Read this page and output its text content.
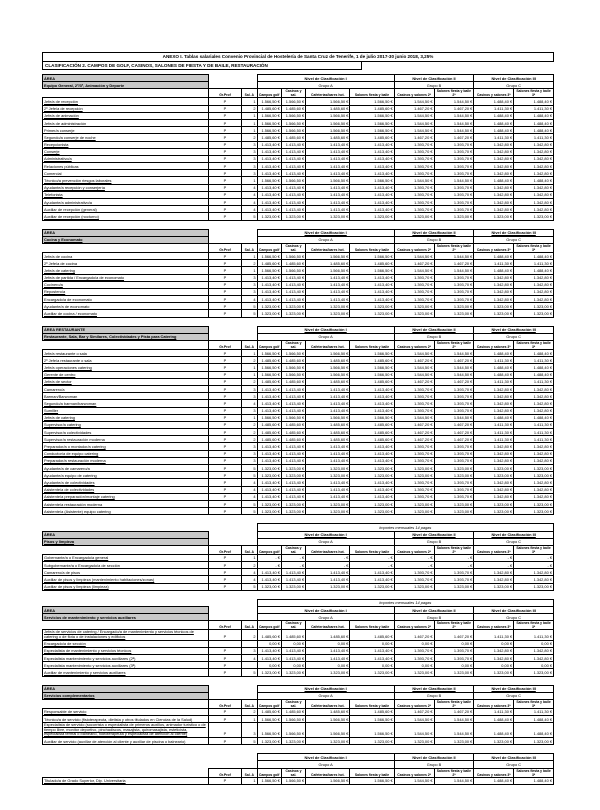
ANEXO I. Tablas salariales Convenio Provincial de Hostelería de Santa Cruz de Tenerife, 1 de julio 2017-30 junio 2018, 3,25%
CLASIFICACIÓN 2. CAMPOS DE GOLF, CASINOS, SALONES DE FIESTA Y DE BAILE, RESTAURACIÓN
ÁREA			Nivel de Clasificación I				Nivel de Clasificación II		Nivel de Clasificación III	
Equipo General, 2ª/3ª, Animación y Deporte			Grupo A				Grupo B		Grupo C	
	Gr.Prof	Sal. A	Campos golf	Casinos y sal.	Cafeterías/bares hot.	Salones fiesta y baile	Casinos y salones 2ª	Salones fiesta y baile 2ª	Casinos y salones 3ª	Salones fiesta y baile 3ª
Jefe/a de recepción	P	1	1.566,50 €	1.566,50 €	1.566,50 €	1.566,50 €	1.544,50 €	1.544,50 €	1.488,40 €	1.488,40 €
2º Jefe/a de recepción	P	2	1.485,60 €	1.485,60 €	1.485,60 €	1.485,60 €	1.467,20 €	1.467,20 €	1.411,30 €	1.411,30 €
Jefe/a de animación	P	1	1.566,50 €	1.566,50 €	1.566,50 €	1.566,50 €	1.544,50 €	1.544,50 €	1.488,40 €	1.488,40 €
Jefe/a de administración	P	1	1.566,50 €	1.566,50 €	1.566,50 €	1.566,50 €	1.544,50 €	1.544,50 €	1.488,40 €	1.488,40 €
Primer/a conserje	P	1	1.566,50 €	1.566,50 €	1.566,50 €	1.566,50 €	1.544,50 €	1.544,50 €	1.488,40 €	1.488,40 €
Segundo/a conserje de noche	P	2	1.485,60 €	1.485,60 €	1.485,60 €	1.485,60 €	1.467,20 €	1.467,20 €	1.411,30 €	1.411,30 €
Recepcionista	P	3	1.413,40 €	1.413,40 €	1.413,40 €	1.413,40 €	1.393,70 €	1.393,70 €	1.342,80 €	1.342,80 €
Conserje	P	3	1.413,40 €	1.413,40 €	1.413,40 €	1.413,40 €	1.393,70 €	1.393,70 €	1.342,80 €	1.342,80 €
Administrativo/a	P	3	1.413,40 €	1.413,40 €	1.413,40 €	1.413,40 €	1.393,70 €	1.393,70 €	1.342,80 €	1.342,80 €
Relaciones públicas	P	3	1.413,40 €	1.413,40 €	1.413,40 €	1.413,40 €	1.393,70 €	1.393,70 €	1.342,80 €	1.342,80 €
Comercial	P	3	1.413,40 €	1.413,40 €	1.413,40 €	1.413,40 €	1.393,70 €	1.393,70 €	1.342,80 €	1.342,80 €
Técnico/a prevención riesgos laborales	P	1	1.566,50 €	1.566,50 €	1.566,50 €	1.566,50 €	1.544,50 €	1.544,50 €	1.488,40 €	1.488,40 €
Ayudante/a recepción y conserjería	P	4	1.413,40 €	1.413,40 €	1.413,40 €	1.413,40 €	1.393,70 €	1.393,70 €	1.342,80 €	1.342,80 €
Telefonista	P	4	1.413,40 €	1.413,40 €	1.413,40 €	1.413,40 €	1.393,70 €	1.393,70 €	1.342,80 €	1.342,80 €
Ayudante/a administrativo/a	P	4	1.413,40 €	1.413,40 €	1.413,40 €	1.413,40 €	1.393,70 €	1.393,70 €	1.342,80 €	1.342,80 €
Auxiliar de recepción (general)	P	4	1.413,40 €	1.413,40 €	1.413,40 €	1.413,40 €	1.393,70 €	1.393,70 €	1.342,80 €	1.342,80 €
Auxiliar de recepción (nocturno)	P	5	1.323,00 €	1.323,00 €	1.323,00 €	1.323,00 €	1.323,00 €	1.323,00 €	1.323,00 €	1.323,00 €
ÁREA			Nivel de Clasificación I				Nivel de Clasificación II		Nivel de Clasificación III	
Cocina y Economato			Grupo A				Grupo B		Grupo C	
	Gr.Prof	Sal. A	Campos golf	Casinos y sal.	Cafeterías/bares hot.	Salones fiesta y baile	Casinos y salones 2ª	Salones fiesta y baile 2ª	Casinos y salones 3ª	Salones fiesta y baile 3ª
Jefe/a de cocina	P	1	1.566,50 €	1.566,50 €	1.566,50 €	1.566,50 €	1.544,50 €	1.544,50 €	1.488,40 €	1.488,40 €
2º Jefe/a de cocina	P	2	1.485,60 €	1.485,60 €	1.485,60 €	1.485,60 €	1.467,20 €	1.467,20 €	1.411,30 €	1.411,30 €
Jefe/a de catering	P	1	1.566,50 €	1.566,50 €	1.566,50 €	1.566,50 €	1.544,50 €	1.544,50 €	1.488,40 €	1.488,40 €
Jefe/a de partida / Encargado/a de economato	P	3	1.413,40 €	1.413,40 €	1.413,40 €	1.413,40 €	1.393,70 €	1.393,70 €	1.342,80 €	1.342,80 €
Cocinero/a	P	3	1.413,40 €	1.413,40 €	1.413,40 €	1.413,40 €	1.393,70 €	1.393,70 €	1.342,80 €	1.342,80 €
Repostero/a	P	3	1.413,40 €	1.413,40 €	1.413,40 €	1.413,40 €	1.393,70 €	1.393,70 €	1.342,80 €	1.342,80 €
Encargado/a de economato	P	4	1.413,40 €	1.413,40 €	1.413,40 €	1.413,40 €	1.393,70 €	1.393,70 €	1.342,80 €	1.342,80 €
Ayudante/a de economato	P	5	1.323,00 €	1.323,00 €	1.323,00 €	1.323,00 €	1.323,00 €	1.323,00 €	1.323,00 €	1.323,00 €
Auxiliar de cocina / economato	P	5	1.323,00 €	1.323,00 €	1.323,00 €	1.323,00 €	1.323,00 €	1.323,00 €	1.323,00 €	1.323,00 €
ÁREA RESTAURANTE			Nivel de Clasificación I				Nivel de Clasificación II		Nivel de Clasificación III	
Restaurante, Sala, Bar y Similares, Colectividades y Pista para Catering			Grupo A				Grupo B		Grupo C	
	Gr.Prof	Sal. A	Campos golf	Casinos y sal.	Cafeterías/bares hot.	Salones fiesta y baile	Casinos y salones 2ª	Salones fiesta y baile 2ª	Casinos y salones 3ª	Salones fiesta y baile 3ª
Jefe/a restaurante o sala	P	1	1.566,50 €	1.566,50 €	1.566,50 €	1.566,50 €	1.544,50 €	1.544,50 €	1.488,40 €	1.488,40 €
2º Jefe/a restaurante o sala	P	2	1.485,60 €	1.485,60 €	1.485,60 €	1.485,60 €	1.467,20 €	1.467,20 €	1.411,30 €	1.411,30 €
Jefe/a operaciones catering	P	1	1.566,50 €	1.566,50 €	1.566,50 €	1.566,50 €	1.544,50 €	1.544,50 €	1.488,40 €	1.488,40 €
Gerente de centro	P	1	1.566,50 €	1.566,50 €	1.566,50 €	1.566,50 €	1.544,50 €	1.544,50 €	1.488,40 €	1.488,40 €
Jefe/a de sector	P	2	1.485,60 €	1.485,60 €	1.485,60 €	1.485,60 €	1.467,20 €	1.467,20 €	1.411,30 €	1.411,30 €
Camarero/a	P	3	1.413,40 €	1.413,40 €	1.413,40 €	1.413,40 €	1.393,70 €	1.393,70 €	1.342,80 €	1.342,80 €
Barman/Barwoman	P	3	1.413,40 €	1.413,40 €	1.413,40 €	1.413,40 €	1.393,70 €	1.393,70 €	1.342,80 €	1.342,80 €
Segundo/a barman/barwoman	P	4	1.413,40 €	1.413,40 €	1.413,40 €	1.413,40 €	1.393,70 €	1.393,70 €	1.342,80 €	1.342,80 €
Sumiller	P	3	1.413,40 €	1.413,40 €	1.413,40 €	1.413,40 €	1.393,70 €	1.393,70 €	1.342,80 €	1.342,80 €
Jefe/a de catering	P	1	1.566,50 €	1.566,50 €	1.566,50 €	1.566,50 €	1.544,50 €	1.544,50 €	1.488,40 €	1.488,40 €
Supervisor/a catering	P	2	1.485,60 €	1.485,60 €	1.485,60 €	1.485,60 €	1.467,20 €	1.467,20 €	1.411,30 €	1.411,30 €
Supervisor/a colectividades	P	2	1.485,60 €	1.485,60 €	1.485,60 €	1.485,60 €	1.467,20 €	1.467,20 €	1.411,30 €	1.411,30 €
Supervisor/a restauración moderna	P	2	1.485,60 €	1.485,60 €	1.485,60 €	1.485,60 €	1.467,20 €	1.467,20 €	1.411,30 €	1.411,30 €
Preparador/a o montador/a catering	P	3	1.413,40 €	1.413,40 €	1.413,40 €	1.413,40 €	1.393,70 €	1.393,70 €	1.342,80 €	1.342,80 €
Conductor/a de equipo catering	P	3	1.413,40 €	1.413,40 €	1.413,40 €	1.413,40 €	1.393,70 €	1.393,70 €	1.342,80 €	1.342,80 €
Preparador/a restauración moderna	P	3	1.413,40 €	1.413,40 €	1.413,40 €	1.413,40 €	1.393,70 €	1.393,70 €	1.342,80 €	1.342,80 €
Ayudante/a de camarero/a	P	5	1.323,00 €	1.323,00 €	1.323,00 €	1.323,00 €	1.323,00 €	1.323,00 €	1.323,00 €	1.323,00 €
Ayudante/a equipo de catering	P	5	1.323,00 €	1.323,00 €	1.323,00 €	1.323,00 €	1.323,00 €	1.323,00 €	1.323,00 €	1.323,00 €
Ayudante/a de colectividades	P	4	1.413,40 €	1.413,40 €	1.413,40 €	1.413,40 €	1.393,70 €	1.393,70 €	1.342,80 €	1.342,80 €
Asistente/a de colectividades	P	4	1.413,40 €	1.413,40 €	1.413,40 €	1.413,40 €	1.393,70 €	1.393,70 €	1.342,80 €	1.342,80 €
Asistente/a preparación/montaje catering	P	4	1.413,40 €	1.413,40 €	1.413,40 €	1.413,40 €	1.393,70 €	1.393,70 €	1.342,80 €	1.342,80 €
Asistente/a restauración moderna	P	5	1.323,00 €	1.323,00 €	1.323,00 €	1.323,00 €	1.323,00 €	1.323,00 €	1.323,00 €	1.323,00 €
Asistente/a (Asistente) equipo catering	P	5	1.323,00 €	1.323,00 €	1.323,00 €	1.323,00 €	1.323,00 €	1.323,00 €	1.323,00 €	1.323,00 €
			Importes mensuales 14 pagas							
ÁREA			Nivel de Clasificación I				Nivel de Clasificación II		Nivel de Clasificación III	
Pisos y limpieza			Grupo A				Grupo B		Grupo C	
	Gr.Prof	Sal. A	Campos golf	Casinos y sal.	Cafeterías/bares hot.	Salones fiesta y baile	Casinos y salones 2ª	Salones fiesta y baile 2ª	Casinos y salones 3ª	Salones fiesta y baile 3ª
Gobernante/a o Encargado/a general	P	1	- €	- €	- €	- €	- €	- €	- €	- €
Subgobernante/a o Encargado/a de sección	P	2	- €	- €	- €	- €	- €	- €	- €	- €
Camarero/a de pisos	P	4	1.413,40 €	1.413,40 €	1.413,40 €	1.413,40 €	1.393,70 €	1.393,70 €	1.342,80 €	1.342,80 €
Auxiliar de pisos y limpieza (mantenimiento habitaciones/zonas)	P	4	1.413,40 €	1.413,40 €	1.413,40 €	1.413,40 €	1.393,70 €	1.393,70 €	1.342,80 €	1.342,80 €
Auxiliar de pisos y limpieza (limpieza)	P	5	1.323,00 €	1.323,00 €	1.323,00 €	1.323,00 €	1.323,00 €	1.323,00 €	1.323,00 €	1.323,00 €
			Importes mensuales 14 pagas							
ÁREA			Nivel de Clasificación I				Nivel de Clasificación II		Nivel de Clasificación III	
Servicios de mantenimiento y servicios auxiliares			Grupo A				Grupo B		Grupo C	
	Gr.Prof	Sal. A	Campos golf	Casinos y sal.	Cafeterías/bares hot.	Salones fiesta y baile	Casinos y salones 2ª	Salones fiesta y baile 2ª	Casinos y salones 3ª	Salones fiesta y baile 3ª
Jefe/a de servicios de catering / Encargado/a de mantenimiento y servicios técnicos de catering o de flota o de instalaciones y edificios	P	2	1.485,60 €	1.485,60 €	1.485,60 €	1.485,60 €	1.467,20 €	1.467,20 €	1.411,30 €	1.411,30 €
Encargado/a de sección			0,00 €	0,00 €	0,00 €	0,00 €	0,00 €	0,00 €	0,00 €	0,00 €
Especialista de mantenimiento y servicios técnicos	P	3	1.413,40 €	1.413,40 €	1.413,40 €	1.413,40 €	1.393,70 €	1.393,70 €	1.342,80 €	1.342,80 €
Especialista mantenimiento y servicios auxiliares (2ª)	P	4	1.413,40 €	1.413,40 €	1.413,40 €	1.413,40 €	1.393,70 €	1.393,70 €	1.342,80 €	1.342,80 €
Especialista mantenimiento y servicios auxiliares (3ª)	P		0,00 €	0,00 €	0,00 €	0,00 €	0,00 €	0,00 €	0,00 €	0,00 €
Auxiliar de mantenimiento y servicios auxiliares	P	5	1.323,00 €	1.323,00 €	1.323,00 €	1.323,00 €	1.323,00 €	1.323,00 €	1.323,00 €	1.323,00 €
ÁREA			Nivel de Clasificación I				Nivel de Clasificación II		Nivel de Clasificación III	
Servicios complementarios			Grupo A				Grupo B		Grupo C	
	Gr.Prof	Sal. A	Campos golf	Casinos y sal.	Cafeterías/bares hot.	Salones fiesta y baile	Casinos y salones 2ª	Salones fiesta y baile 2ª	Casinos y salones 3ª	Salones fiesta y baile 3ª
Responsable de servicio	P	2	1.485,60 €	1.485,60 €	1.485,60 €	1.485,60 €	1.467,20 €	1.467,20 €	1.411,30 €	1.411,30 €
Técnico/a de servicio (fisioterapeuta, dietista y otros titulados en Ciencias de la Salud)	P	1	1.566,50 €	1.566,50 €	1.566,50 €	1.566,50 €	1.544,50 €	1.544,50 €	1.488,40 €	1.488,40 €
Especialista de servicio (socorrista o especialista de primeros auxilios, animador turístico o de tiempo libre, monitor deportivo, pinchadiscos, masajista, quiromasajista, esteticista, especialista termal o balneario, hidroterapeuta y especialista de atención al cliente)	P	3	1.566,50 €	1.566,50 €	1.566,50 €	1.566,50 €	1.544,50 €	1.544,50 €	1.488,40 €	1.488,40 €
Auxiliar de servicio (auxiliar de atención al cliente y auxiliar de piscina o balneario)	P	5	1.323,00 €	1.323,00 €	1.323,00 €	1.323,00 €	1.323,00 €	1.323,00 €	1.323,00 €	1.323,00 €
			Nivel de Clasificación I				Nivel de Clasificación II		Nivel de Clasificación III	
			Grupo A				Grupo B		Grupo C	
	Gr.Prof	Sal. A	Campos golf	Casinos y sal.	Cafeterías/bares hot.	Salones fiesta y baile	Casinos y salones 2ª	Salones fiesta y baile 2ª	Casinos y salones 3ª	Salones fiesta y baile 3ª
Titulado/a de Grado Superior, Dip. Universitaria	P	1	1.566,50 €	1.566,50 €	1.566,50 €	1.566,50 €	1.544,50 €	1.544,50 €	1.488,40 €	1.488,40 €
